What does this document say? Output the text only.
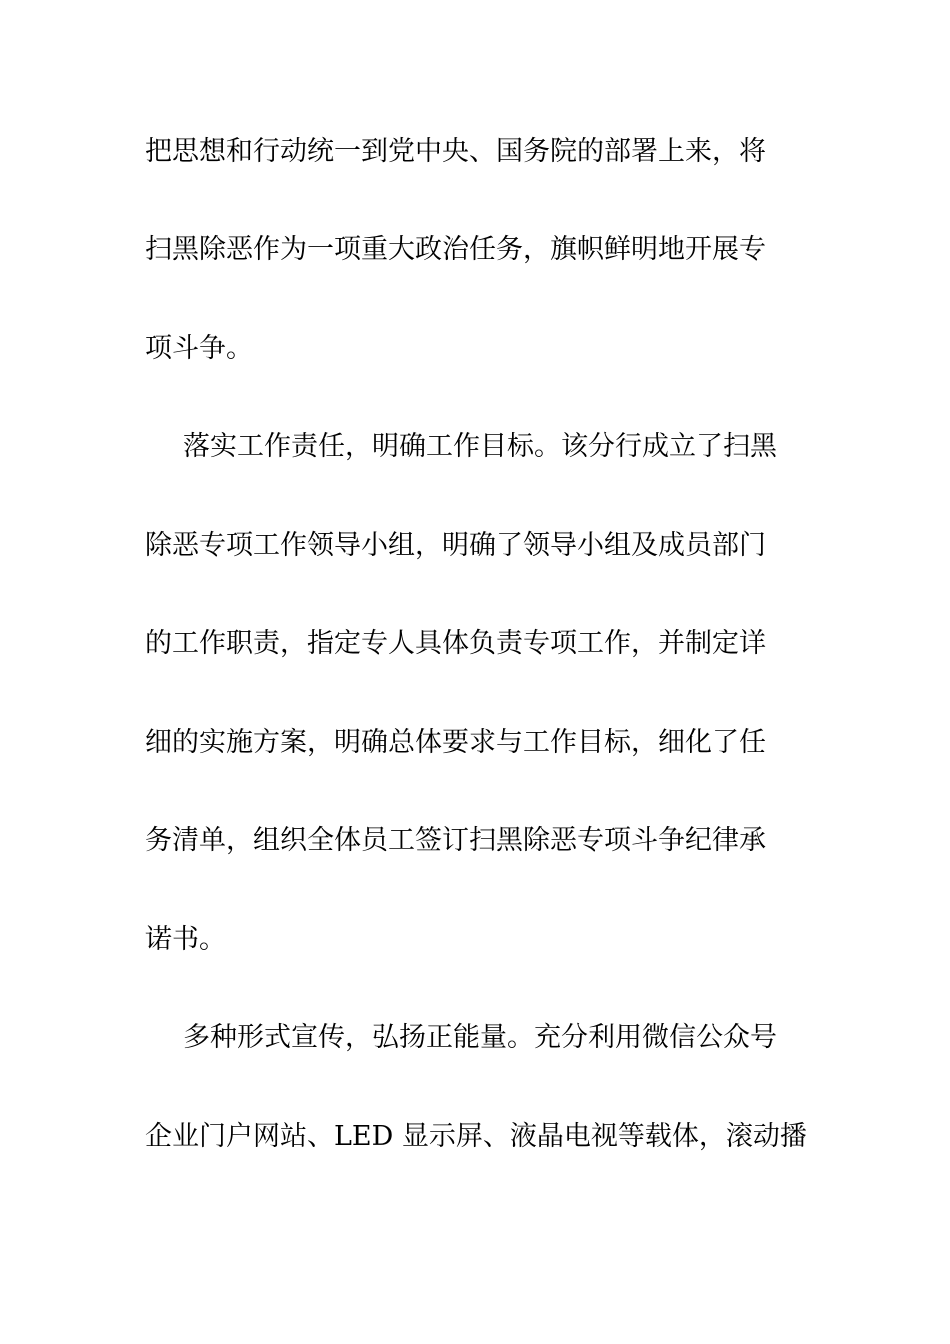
把思想和行动统一到党中央、国务院的部署上来，将
扫黑除恶作为一项重大政治任务，旗帜鲜明地开展专
项斗争。
落实工作责任，明确工作目标。该分行成立了扫黑
除恶专项工作领导小组，明确了领导小组及成员部门
的工作职责，指定专人具体负责专项工作，并制定详
细的实施方案，明确总体要求与工作目标，细化了任
务清单，组织全体员工签订扫黑除恶专项斗争纪律承
诺书。
多种形式宣传，弘扬正能量。充分利用微信公众号
企业门户网站、LED 显示屏、液晶电视等载体，滚动播
